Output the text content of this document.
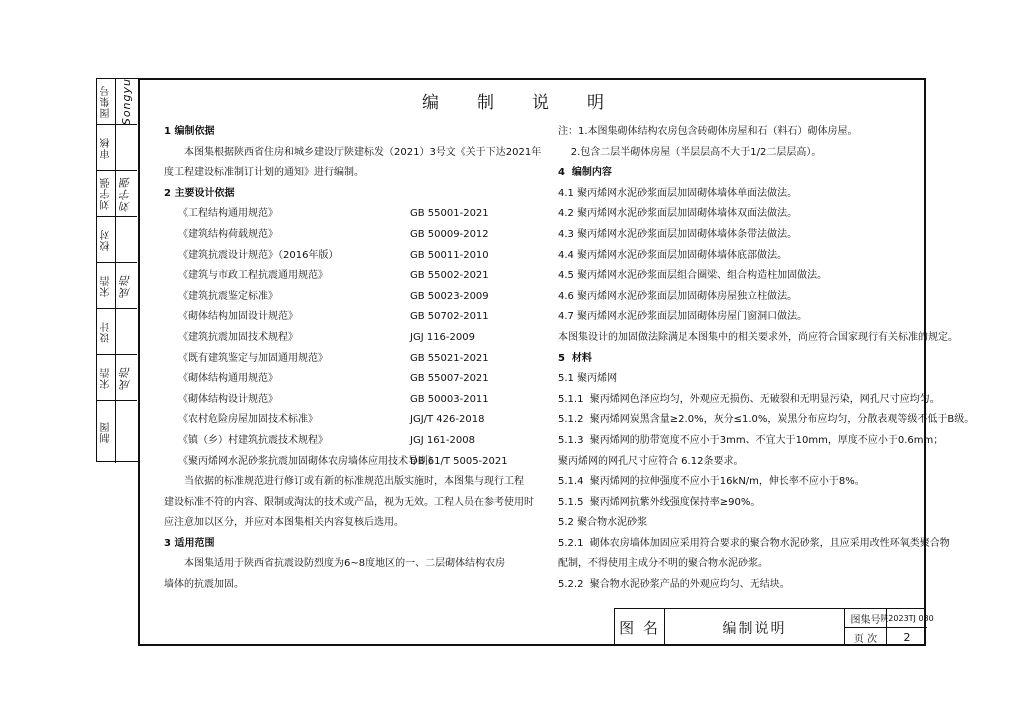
图集号 Songyu
审核
刘宇强 刘宇强
校对
宋浩 成浩
设计
宋浩 成浩
制图
编制说明
1 编制依据
本图集根据陕西省住房和城乡建设厅陕建标发（2021）3号文《关于下达2021年
度工程建设标准制订计划的通知》进行编制。
2 主要设计依据
《工程结构通用规范》	GB 55001-2021
《建筑结构荷载规范》	GB 50009-2012
《建筑抗震设计规范》（2016年版）	GB 50011-2010
《建筑与市政工程抗震通用规范》	GB 55002-2021
《建筑抗震鉴定标准》	GB 50023-2009
《砌体结构加固设计规范》	GB 50702-2011
《建筑抗震加固技术规程》	JGJ 116-2009
《既有建筑鉴定与加固通用规范》	GB 55021-2021
《砌体结构通用规范》	GB 55007-2021
《砌体结构设计规范》	GB 50003-2011
《农村危险房屋加固技术标准》	JGJ/T 426-2018
《镇（乡）村建筑抗震技术规程》	JGJ 161-2008
《聚丙烯网水泥砂浆抗震加固砌体农房墙体应用技术导则》
DB 61/T 5005-2021
当依据的标准规范进行修订或有新的标准规范出版实施时，本图集与现行工程
建设标准不符的内容、限制或淘汰的技术或产品，视为无效。工程人员在参考使用时
应注意加以区分，并应对本图集相关内容复核后选用。
3 适用范围
本图集适用于陕西省抗震设防烈度为6~8度地区的一、二层砌体结构农房
墙体的抗震加固。
注：1.本图集砌体结构农房包含砖砌体房屋和石（料石）砌体房屋。
2.包含二层半砌体房屋（半层层高不大于1/2二层层高）。
4  编制内容
4.1 聚丙烯网水泥砂浆面层加固砌体墙体单面法做法。
4.2 聚丙烯网水泥砂浆面层加固砌体墙体双面法做法。
4.3 聚丙烯网水泥砂浆面层加固砌体墙体条带法做法。
4.4 聚丙烯网水泥砂浆面层加固砌体墙体底部做法。
4.5 聚丙烯网水泥砂浆面层组合圈梁、组合构造柱加固做法。
4.6 聚丙烯网水泥砂浆面层加固砌体房屋独立柱做法。
4.7 聚丙烯网水泥砂浆面层加固砌体房屋门窗洞口做法。
本图集设计的加固做法除满足本图集中的相关要求外，尚应符合国家现行有关标准的规定。
5  材料
5.1 聚丙烯网
5.1.1  聚丙烯网色泽应均匀，外观应无损伤、无破裂和无明显污染，网孔尺寸应均匀。
5.1.2  聚丙烯网炭黑含量≥2.0%，灰分≤1.0%，炭黑分布应均匀，分散表观等级不低于B级。
5.1.3  聚丙烯网的肋带宽度不应小于3mm、不宜大于10mm，厚度不应小于0.6mm；
聚丙烯网的网孔尺寸应符合 6.12条要求。
5.1.4  聚丙烯网的拉伸强度不应小于16kN/m，伸长率不应小于8%。
5.1.5  聚丙烯网抗紫外线强度保持率≥90%。
5.2 聚合物水泥砂浆
5.2.1  砌体农房墙体加固应采用符合要求的聚合物水泥砂浆，且应采用改性环氧类聚合物
配制，不得使用主成分不明的聚合物水泥砂浆。
5.2.2  聚合物水泥砂浆产品的外观应均匀、无结块。
图 名	编制说明
图集号 陕2023TJ 080
页 次	2
